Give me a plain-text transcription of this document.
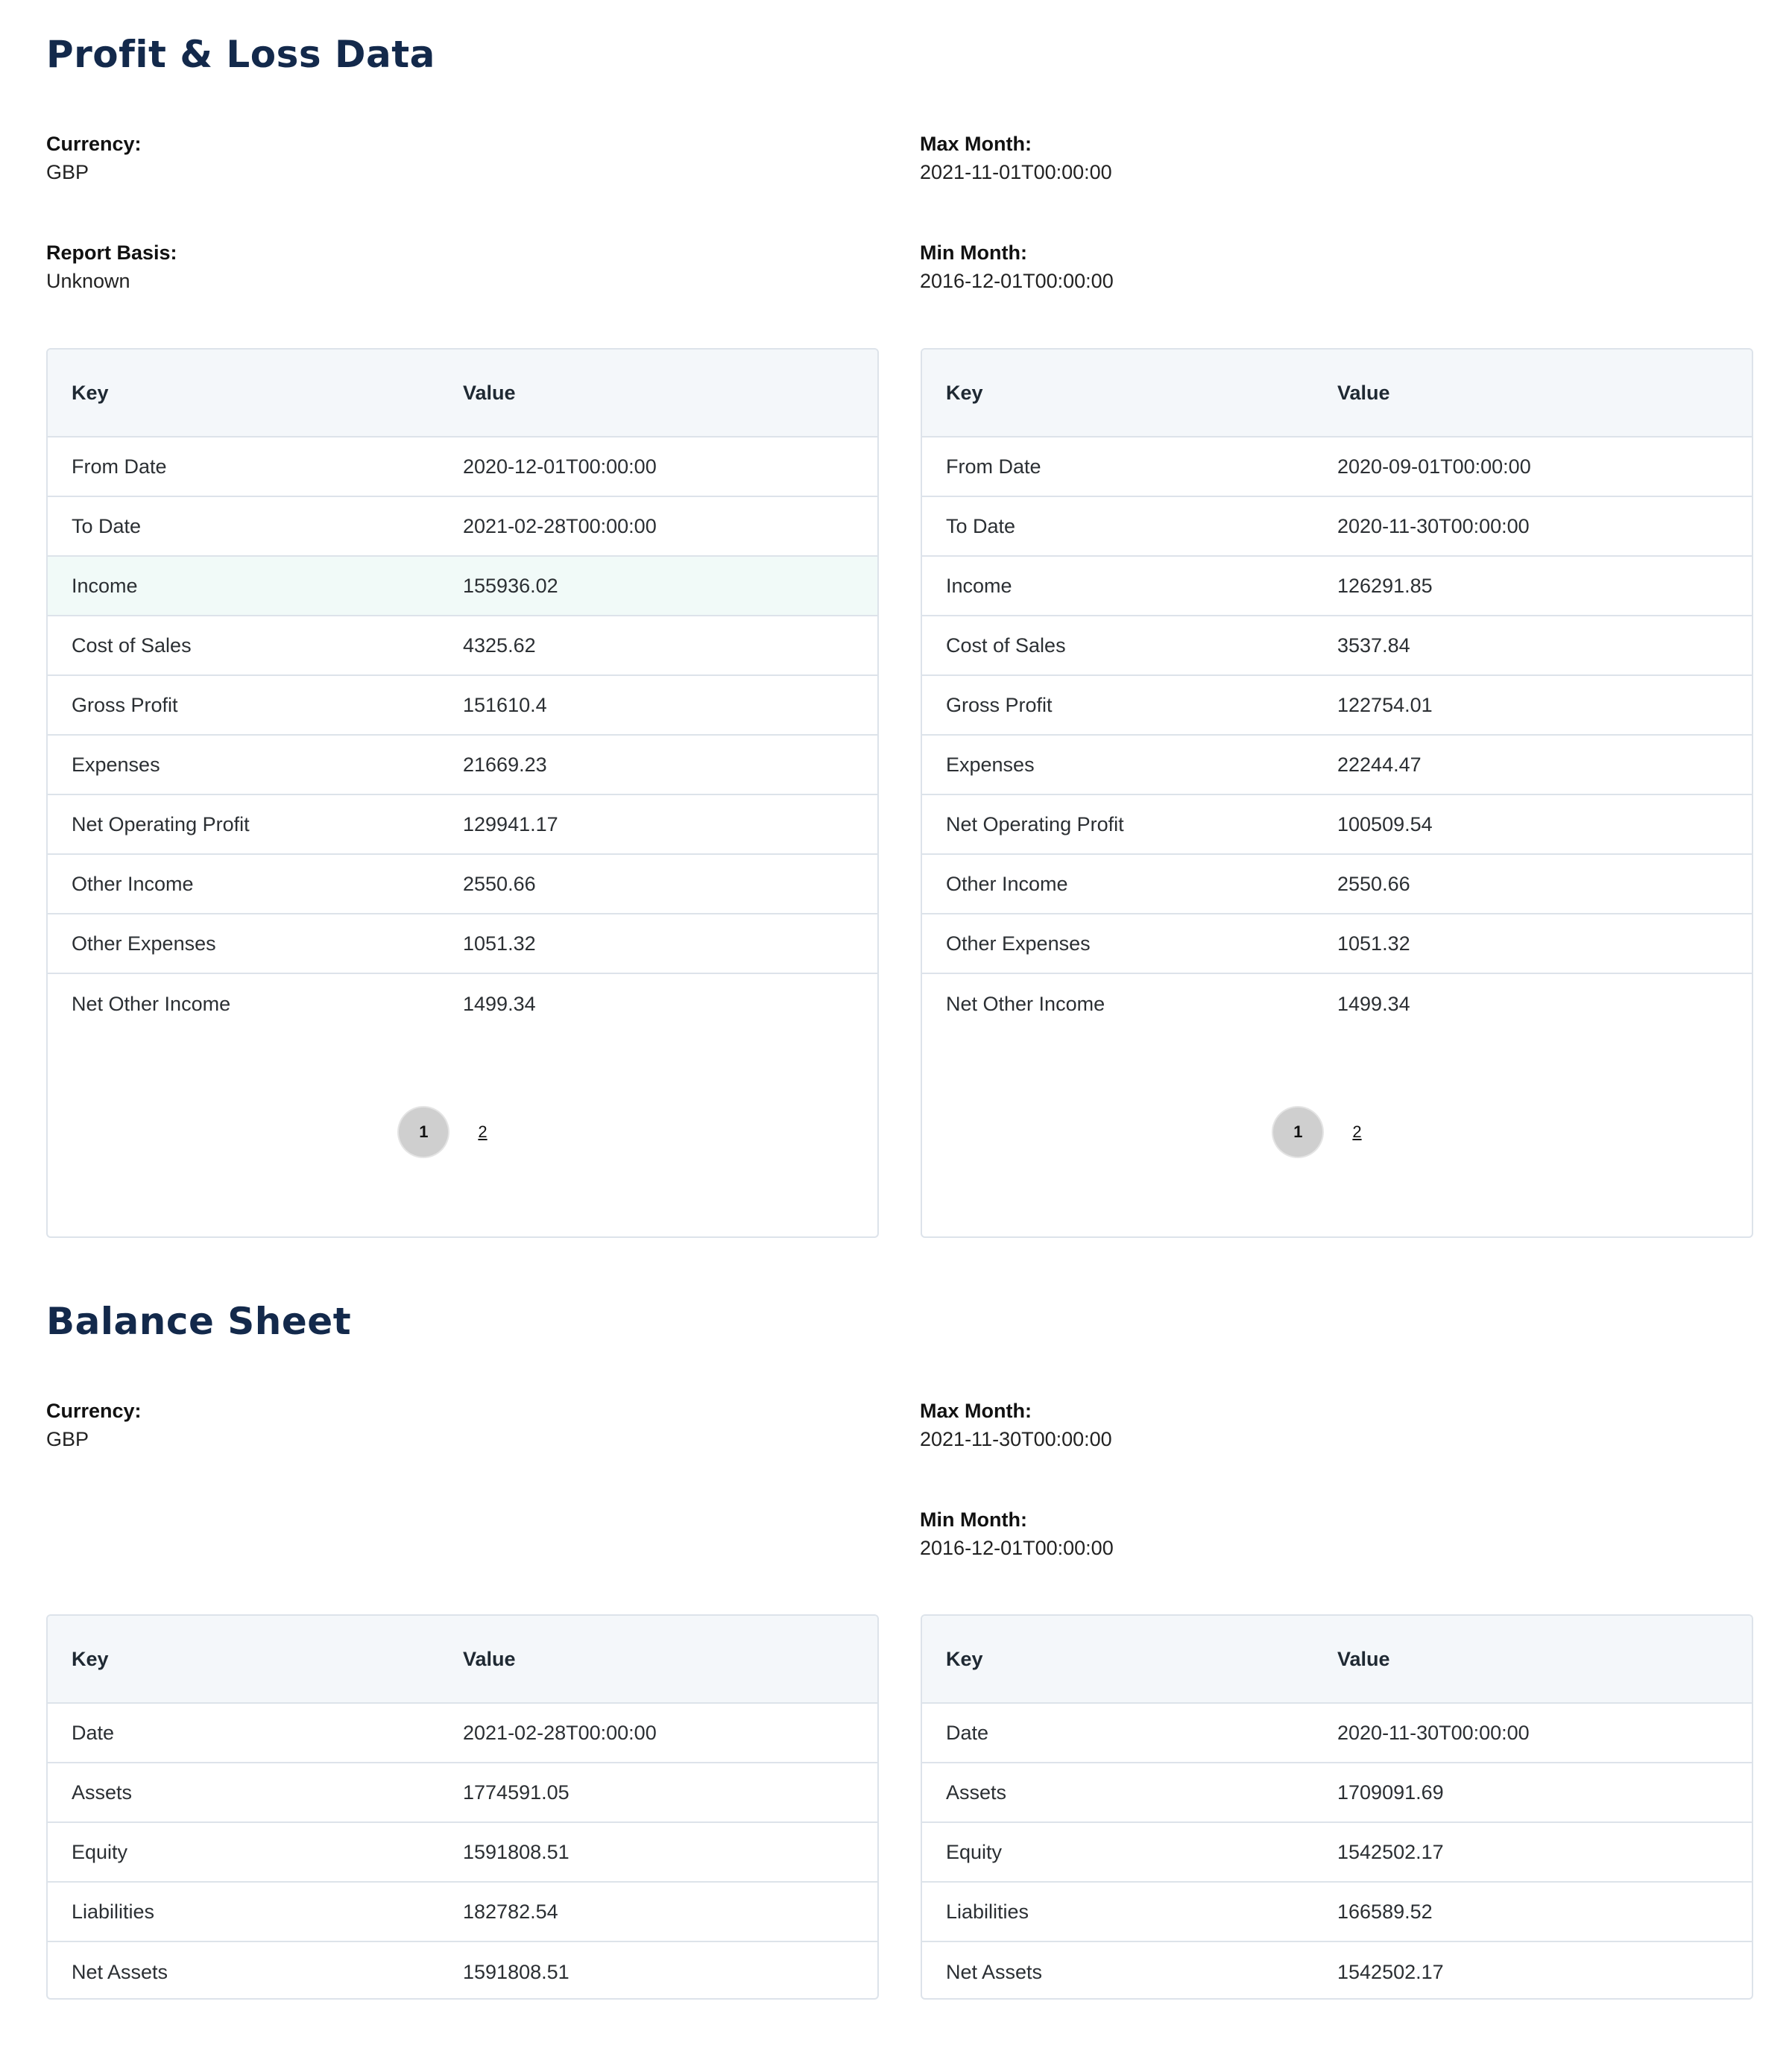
Profit & Loss Data
Currency:
GBP
Report Basis:
Unknown
Max Month:
2021-11-01T00:00:00
Min Month:
2016-12-01T00:00:00
Key	Value
From Date	2020-12-01T00:00:00
To Date	2021-02-28T00:00:00
Income	155936.02
Cost of Sales	4325.62
Gross Profit	151610.4
Expenses	21669.23
Net Operating Profit	129941.17
Other Income	2550.66
Other Expenses	1051.32
Net Other Income	1499.34
1	2
Key	Value
From Date	2020-09-01T00:00:00
To Date	2020-11-30T00:00:00
Income	126291.85
Cost of Sales	3537.84
Gross Profit	122754.01
Expenses	22244.47
Net Operating Profit	100509.54
Other Income	2550.66
Other Expenses	1051.32
Net Other Income	1499.34
1	2
Balance Sheet
Currency:
GBP
Max Month:
2021-11-30T00:00:00
Min Month:
2016-12-01T00:00:00
Key	Value
Date	2021-02-28T00:00:00
Assets	1774591.05
Equity	1591808.51
Liabilities	182782.54
Net Assets	1591808.51
Key	Value
Date	2020-11-30T00:00:00
Assets	1709091.69
Equity	1542502.17
Liabilities	166589.52
Net Assets	1542502.17
